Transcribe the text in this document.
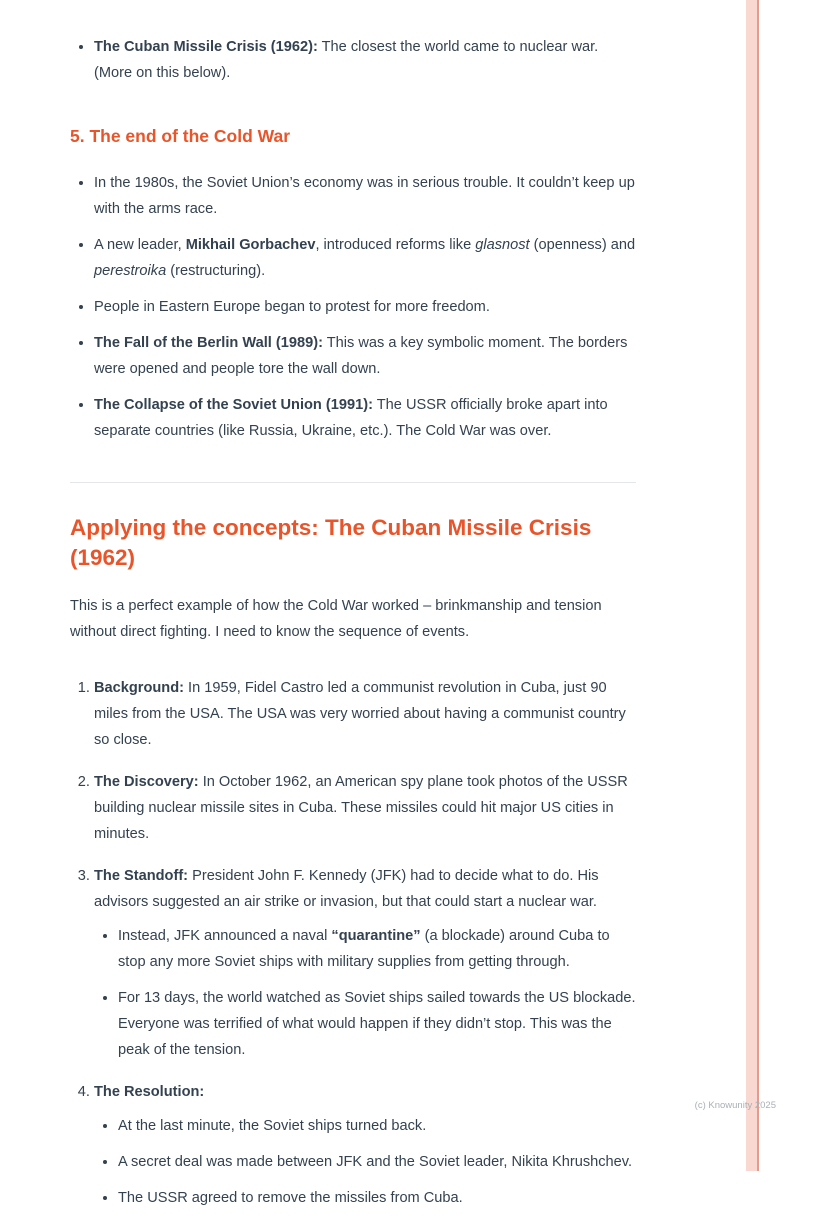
• The Cuban Missile Crisis (1962): The closest the world came to nuclear war. (More on this below).
5. The end of the Cold War
• In the 1980s, the Soviet Union’s economy was in serious trouble. It couldn’t keep up with the arms race.
• A new leader, Mikhail Gorbachev, introduced reforms like glasnost (openness) and perestroika (restructuring).
• People in Eastern Europe began to protest for more freedom.
• The Fall of the Berlin Wall (1989): This was a key symbolic moment. The borders were opened and people tore the wall down.
• The Collapse of the Soviet Union (1991): The USSR officially broke apart into separate countries (like Russia, Ukraine, etc.). The Cold War was over.
Applying the concepts: The Cuban Missile Crisis (1962)

This is a perfect example of how the Cold War worked – brinkmanship and tension without direct fighting. I need to know the sequence of events.

1. Background: In 1959, Fidel Castro led a communist revolution in Cuba, just 90 miles from the USA. The USA was very worried about having a communist country so close.
2. The Discovery: In October 1962, an American spy plane took photos of the USSR building nuclear missile sites in Cuba. These missiles could hit major US cities in minutes.
3. The Standoff: President John F. Kennedy (JFK) had to decide what to do. His advisors suggested an air strike or invasion, but that could start a nuclear war.
• Instead, JFK announced a naval “quarantine” (a blockade) around Cuba to stop any more Soviet ships with military supplies from getting through.
• For 13 days, the world watched as Soviet ships sailed towards the US blockade. Everyone was terrified of what would happen if they didn’t stop. This was the peak of the tension.
4. The Resolution:
• At the last minute, the Soviet ships turned back.
• A secret deal was made between JFK and the Soviet leader, Nikita Khrushchev.
• The USSR agreed to remove the missiles from Cuba.
(c) Knowunity 2025
